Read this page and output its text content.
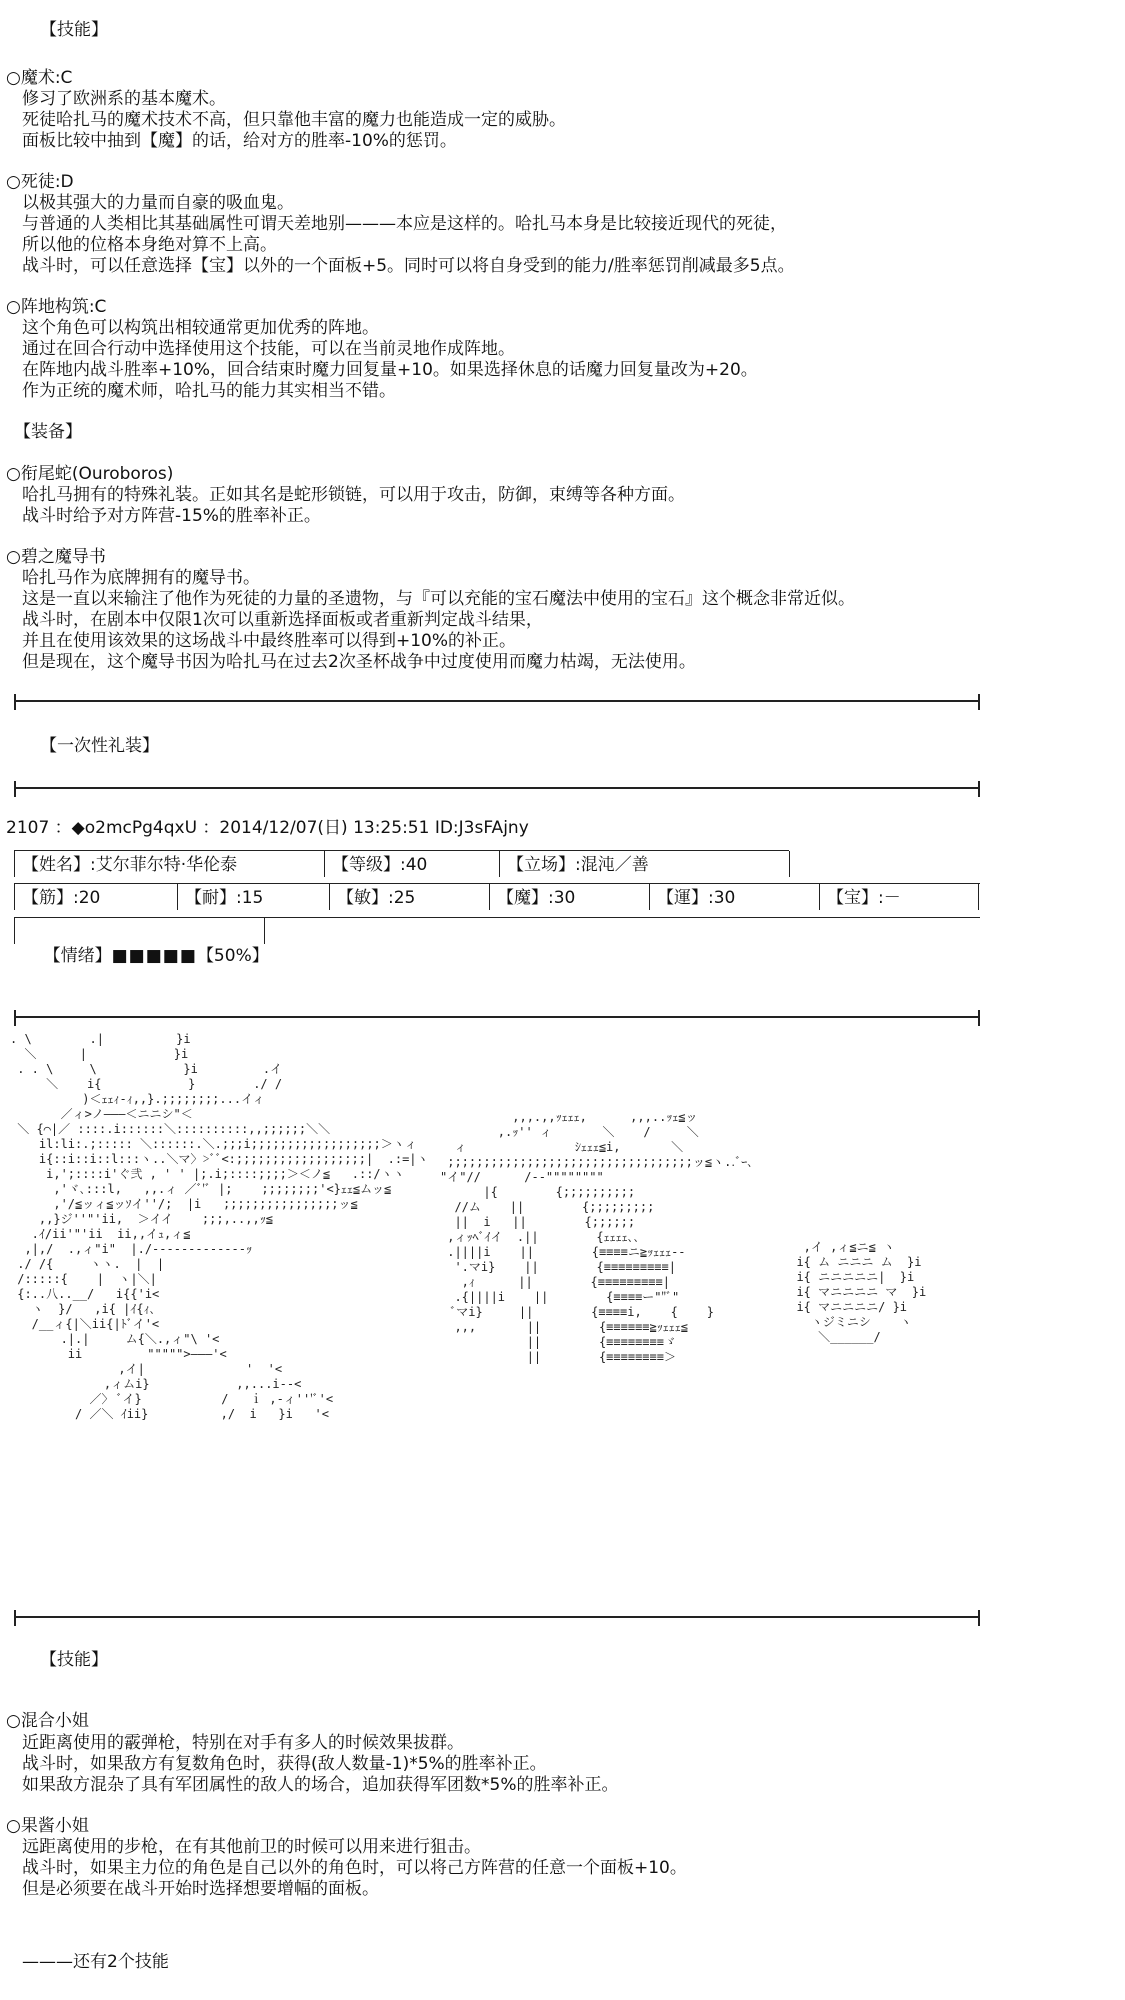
【技能】
○魔术:C
修习了欧洲系的基本魔术。
死徒哈扎马的魔术技术不高，但只靠他丰富的魔力也能造成一定的威胁。
面板比较中抽到【魔】的话，给对方的胜率-10%的惩罚。
○死徒:D
以极其强大的力量而自豪的吸血鬼。
与普通的人类相比其基础属性可谓天差地别———本应是这样的。哈扎马本身是比较接近现代的死徒，
所以他的位格本身绝对算不上高。
战斗时，可以任意选择【宝】以外的一个面板+5。同时可以将自身受到的能力/胜率惩罚削减最多5点。
○阵地构筑:C
这个角色可以构筑出相较通常更加优秀的阵地。
通过在回合行动中选择使用这个技能，可以在当前灵地作成阵地。
在阵地内战斗胜率+10%，回合结束时魔力回复量+10。如果选择休息的话魔力回复量改为+20。
作为正统的魔术师，哈扎马的能力其实相当不错。
【装备】
○衔尾蛇(Ouroboros)
哈扎马拥有的特殊礼装。正如其名是蛇形锁链，可以用于攻击，防御，束缚等各种方面。
战斗时给予对方阵营-15%的胜率补正。
○碧之魔导书
哈扎马作为底牌拥有的魔导书。
这是一直以来输注了他作为死徒的力量的圣遗物，与『可以充能的宝石魔法中使用的宝石』这个概念非常近似。
战斗时，在剧本中仅限1次可以重新选择面板或者重新判定战斗结果，
并且在使用该效果的这场战斗中最终胜率可以得到+10%的补正。
但是现在，这个魔导书因为哈扎马在过去2次圣杯战争中过度使用而魔力枯竭，无法使用。
【一次性礼装】
2107 ：◆o2mcPg4qxU ：2014/12/07(日) 13:25:51 ID:J3sFAjny
【姓名】:艾尔菲尔特·华伦泰	【等级】:40	【立场】:混沌／善
【筋】:20	【耐】:15	【敏】:25	【魔】:30	【運】:30	【宝】:－

【情绪】■■■■■【50%】

. \        .|          }i
＼      |            }i
. . \     \            }i         .イ
＼    i{            }        ./ /
)＜ｪｪｨ-ｨ,,}.;;;;;;;;...イィ
／ィ>ノ———＜ニニシ"＜
＼ {⌒|／ ::::.i::::::＼::::::::::,,;;;;;;＼＼
il:li:.;::::: ＼::::::.＼.;;;i;;;;;;;;;;;;;;;;;;＞ヽィ
i{::i::i::l:::ヽ..＼マ〉>ﾞﾞ<:;;;;;;;;;;;;;;;;;;|  .:=|ヽ
i,';::::i'ぐ弐 , ' ' |;.i;::::;;;;＞＜ノ≦   .::/ヽヽ
,'ヾ､:::l,   ,,.ィ ／ﾞ'ﾞ |;    ;;;;;;;;'<}ｪｪ≦ムッ≦
,'/≦ッィ≦ッｿイ''/;  |i   ;;;;;;;;;;;;;;;;ッ≦
,,}ジ''"'ii,  ＞イイ    ;;;,..,,ｯ≦
.ｲ/ii'"'ii  ii,,イｭ,ィ≦
,|,/  .,ィ"i"  |./---‐‐‐‐‐‐‐‐‐‐ｯ
./ /{     ヽヽ.  |  |
/:::::{    |  ヽ|＼|
{:..八..__/   i{{'i<
ヽ  }/   ,i{ |ｲ{ｨ､
/__ィ{|＼ii{|ﾄﾞイ'<
.|.|     ム{＼.,ィ"\ '<
ii         """"">———'<
,イ|              '  '<
,ィムi}            ,,...i--<
／〉 ﾞイ}           /   ｉ ,-ィ'''ﾞ'<
/ ／＼ ｲii}          ,/  i   }i   '<
,,,.,,ｯｪｪｪ,      ,,,..ｯｪ≦ッ
,.ｯ'' ィ       ＼    /     ＼
ィ               ｼｪｪｪ≦i,       ＼
;;;;;;;;;;;;;;;;;;;;;;;;;;;;;;;;;;ッ≦ヽ..ﾞｰ､
"イ"//      /--""""""""
|{        {;;;;;;;;;;
//ム    ||        {;;;;;;;;;
||  i   ||        {;;;;;;
,ィｯﾍﾞｲイ  .||        {ｪｪｪｪ､､
.||||i    ||        {≡≡≡≡ニ≧ｯｪｪｪ--
'.マi}    ||        {≡≡≡≡≡≡≡≡≡|
,ｨ      ||        {≡≡≡≡≡≡≡≡≡|
.{||||i    ||        {≡≡≡≡ー""ﾞ"
ﾞマi}     ||        {≡≡≡≡i,    {    }
,,,       ||        {≡≡≡≡≡≡≧ｯｪｪｪ≦
||        {≡≡≡≡≡≡≡≡ゞ
||        {≡≡≡≡≡≡≡≡＞
,イ ,ィ≦ニ≦ ヽ
i{ ム ニニニ ム  }i
i{ ニニニニニ|  }i
i{ マニニニニ マ  }i
i{ マニニニニ/ }i
ヽジミニシ    ヽ
＼______/
【技能】
○混合小姐
近距离使用的霰弹枪，特别在对手有多人的时候效果拔群。
战斗时，如果敌方有复数角色时，获得(敌人数量-1)*5%的胜率补正。
如果敌方混杂了具有军团属性的敌人的场合，追加获得军团数*5%的胜率补正。
○果酱小姐
远距离使用的步枪，在有其他前卫的时候可以用来进行狙击。
战斗时，如果主力位的角色是自己以外的角色时，可以将己方阵营的任意一个面板+10。
但是必须要在战斗开始时选择想要增幅的面板。
———还有2个技能
